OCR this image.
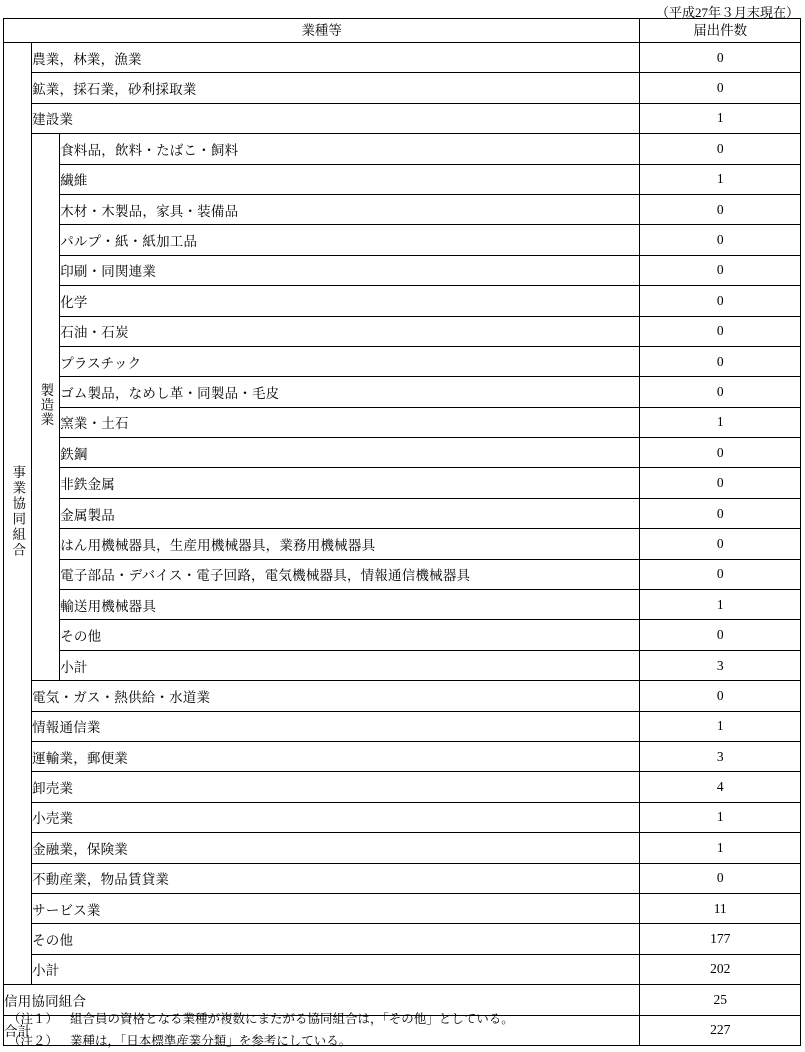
（平成27年３月末現在）
業種等			届出件数
事業協同組合	農業，林業，漁業		0
	鉱業，採石業，砂利採取業		0
	建設業		1
	製造業	食料品，飲料・たばこ・飼料	0
		繊維	1
		木材・木製品，家具・装備品	0
		パルプ・紙・紙加工品	0
		印刷・同関連業	0
		化学	0
		石油・石炭	0
		プラスチック	0
		ゴム製品，なめし革・同製品・毛皮	0
		窯業・土石	1
		鉄鋼	0
		非鉄金属	0
		金属製品	0
		はん用機械器具，生産用機械器具，業務用機械器具	0
		電子部品・デバイス・電子回路，電気機械器具，情報通信機械器具	0
		輸送用機械器具	1
		その他	0
		小計	3
	電気・ガス・熱供給・水道業		0
	情報通信業		1
	運輸業，郵便業		3
	卸売業		4
	小売業		1
	金融業，保険業		1
	不動産業，物品賃貸業		0
	サービス業		11
	その他		177
	小計		202
信用協同組合			25
合計			227
（注１） 組合員の資格となる業種が複数にまたがる協同組合は，「その他」としている。
（注２） 業種は，「日本標準産業分類」を参考にしている。
